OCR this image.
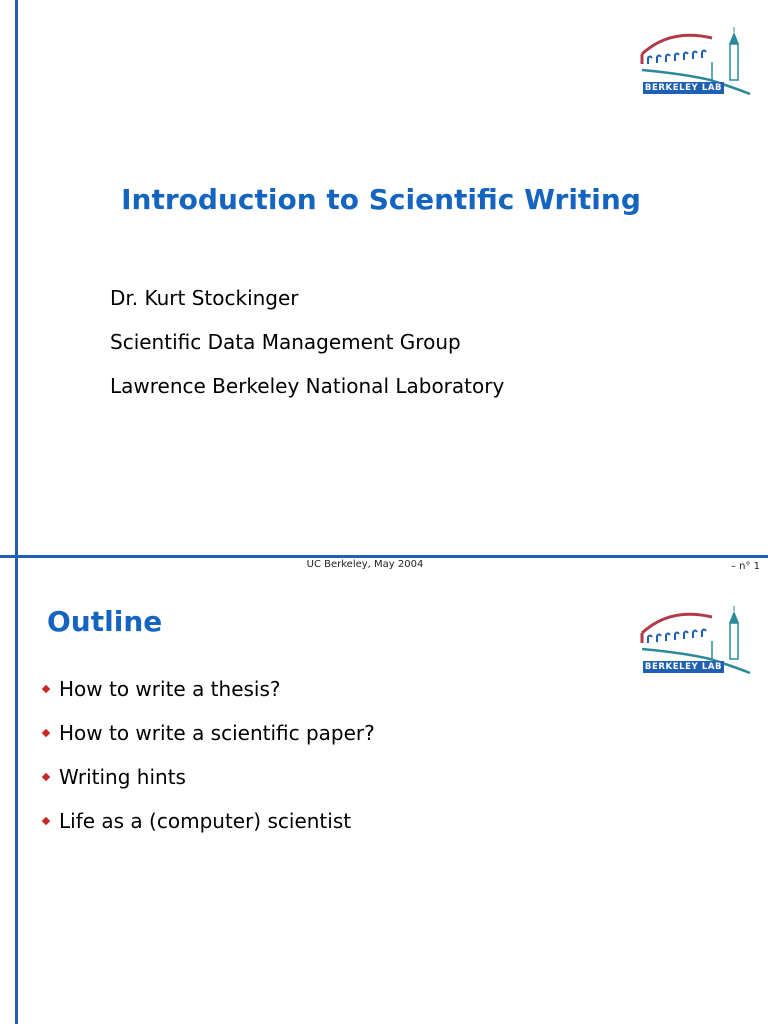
BERKELEY LAB
Introduction to Scientific Writing
Dr. Kurt Stockinger
Scientific Data Management Group
Lawrence Berkeley National Laboratory
UC Berkeley, May 2004	– n° 1
Outline
BERKELEY LAB
How to write a thesis?
How to write a scientific paper?
Writing hints
Life as a (computer) scientist
